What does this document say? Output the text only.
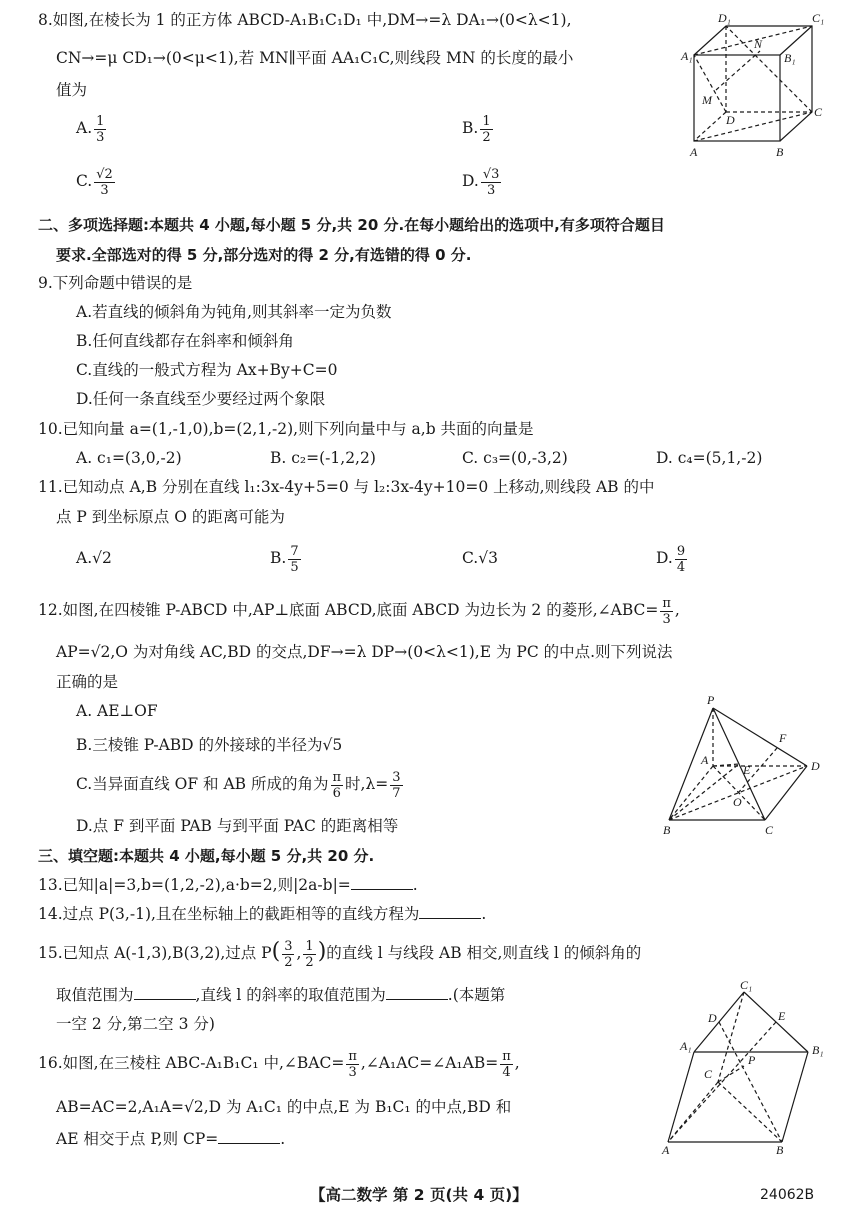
8.如图,在棱长为 1 的正方体 ABCD-A₁B₁C₁D₁ 中,DM→=λ DA₁→(0<λ<1),
CN→=μ CD₁→(0<μ<1),若 MN∥平面 AA₁C₁C,则线段 MN 的长度的最小
值为
A. $\frac{1}{3}$	B. $\frac{1}{2}$
C. $\frac{√2}{3}$	D. $\frac{√3}{3}$
D₁	C₁
A₁	B₁
N
M
D
C
A	B
二、多项选择题:本题共 4 小题,每小题 5 分,共 20 分.在每小题给出的选项中,有多项符合题目
要求.全部选对的得 5 分,部分选对的得 2 分,有选错的得 0 分.
9.下列命题中错误的是
A.若直线的倾斜角为钝角,则其斜率一定为负数
B.任何直线都存在斜率和倾斜角
C.直线的一般式方程为 Ax+By+C=0
D.任何一条直线至少要经过两个象限
10.已知向量 a=(1,-1,0),b=(2,1,-2),则下列向量中与 a,b 共面的向量是
A. c₁=(3,0,-2)	B. c₂=(-1,2,2)	C. c₃=(0,-3,2)	D. c₄=(5,1,-2)
11.已知动点 A,B 分别在直线 l₁:3x-4y+5=0 与 l₂:3x-4y+10=0 上移动,则线段 AB 的中
点 P 到坐标原点 O 的距离可能为
A.√2	B. $\frac{7}{5}$	C.√3	D. $\frac{9}{4}$
12.如图,在四棱锥 P-ABCD 中,AP⊥底面 ABCD,底面 ABCD 为边长为 2 的菱形,∠ABC= $\frac{\pi}{3}$ ,
AP=√2,O 为对角线 AC,BD 的交点,DF→=λ DP→(0<λ<1),E 为 PC 的中点.则下列说法
正确的是
A. AE⊥OF
B.三棱锥 P-ABD 的外接球的半径为√5
C.当异面直线 OF 和 AB 所成的角为 $\frac{\pi}{6}$ 时$,\lambda= \frac{3}{7}$
D.点 F 到平面 PAB 与到平面 PAC 的距离相等
P
F
A
E	D
O
B	C
三、填空题:本题共 4 小题,每小题 5 分,共 20 分.
13.已知|a|=3,b=(1,2,-2),a·b=2,则|2a-b|=	.
14.过点 P(3,-1),且在坐标轴上的截距相等的直线方程为	.
15.已知点 A(-1,3),B(3,2),过点 $P( \frac{3}{2}$ , $\frac{1}{2}$ )的直线 l 与线段 AB 相交,则直线 l 的倾斜角的
取值范围为	,直线 l 的斜率的取值范围为	.(本题第
一空 2 分,第二空 3 分)
16.如图,在三棱柱 ABC-A₁B₁C₁ 中,∠BAC= $\frac{\pi}{3}$ ,∠A₁AC=∠A₁AB= $\frac{\pi}{4}$ ,
AB=AC=2,A₁A=√2,D 为 A₁C₁ 的中点,E 为 B₁C₁ 的中点,BD 和
AE 相交于点 P,则 CP=	.
C₁
D	E
A₁	B₁
P
C
A	B
【高二数学 第 2 页(共 4 页)】	24062B
